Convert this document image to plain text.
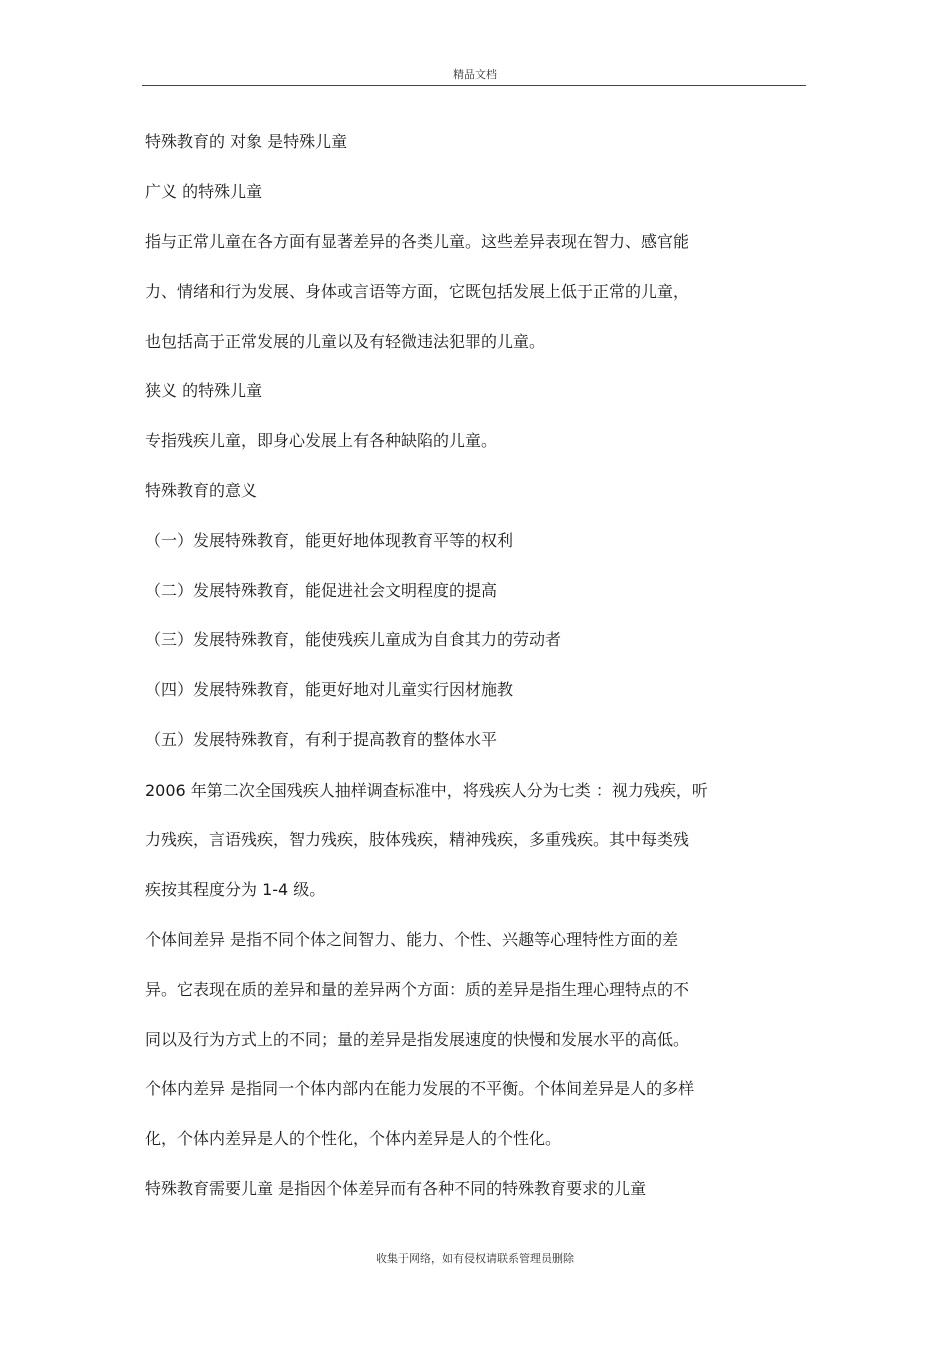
精品文档
特殊教育的 对象 是特殊儿童
广义 的特殊儿童
指与正常儿童在各方面有显著差异的各类儿童。这些差异表现在智力、感官能
力、情绪和行为发展、身体或言语等方面，它既包括发展上低于正常的儿童，
也包括高于正常发展的儿童以及有轻微违法犯罪的儿童。
狭义 的特殊儿童
专指残疾儿童，即身心发展上有各种缺陷的儿童。
特殊教育的意义
（一）发展特殊教育，能更好地体现教育平等的权利
（二）发展特殊教育，能促进社会文明程度的提高
（三）发展特殊教育，能使残疾儿童成为自食其力的劳动者
（四）发展特殊教育，能更好地对儿童实行因材施教
（五）发展特殊教育，有利于提高教育的整体水平
2006 年第二次全国残疾人抽样调查标准中，将残疾人分为七类 ：视力残疾，听
力残疾，言语残疾，智力残疾，肢体残疾，精神残疾，多重残疾。其中每类残
疾按其程度分为 1-4 级。
个体间差异 是指不同个体之间智力、能力、个性、兴趣等心理特性方面的差
异。它表现在质的差异和量的差异两个方面：质的差异是指生理心理特点的不
同以及行为方式上的不同；量的差异是指发展速度的快慢和发展水平的高低。
个体内差异 是指同一个体内部内在能力发展的不平衡。个体间差异是人的多样
化，个体内差异是人的个性化，个体内差异是人的个性化。
特殊教育需要儿童 是指因个体差异而有各种不同的特殊教育要求的儿童
收集于网络，如有侵权请联系管理员删除
